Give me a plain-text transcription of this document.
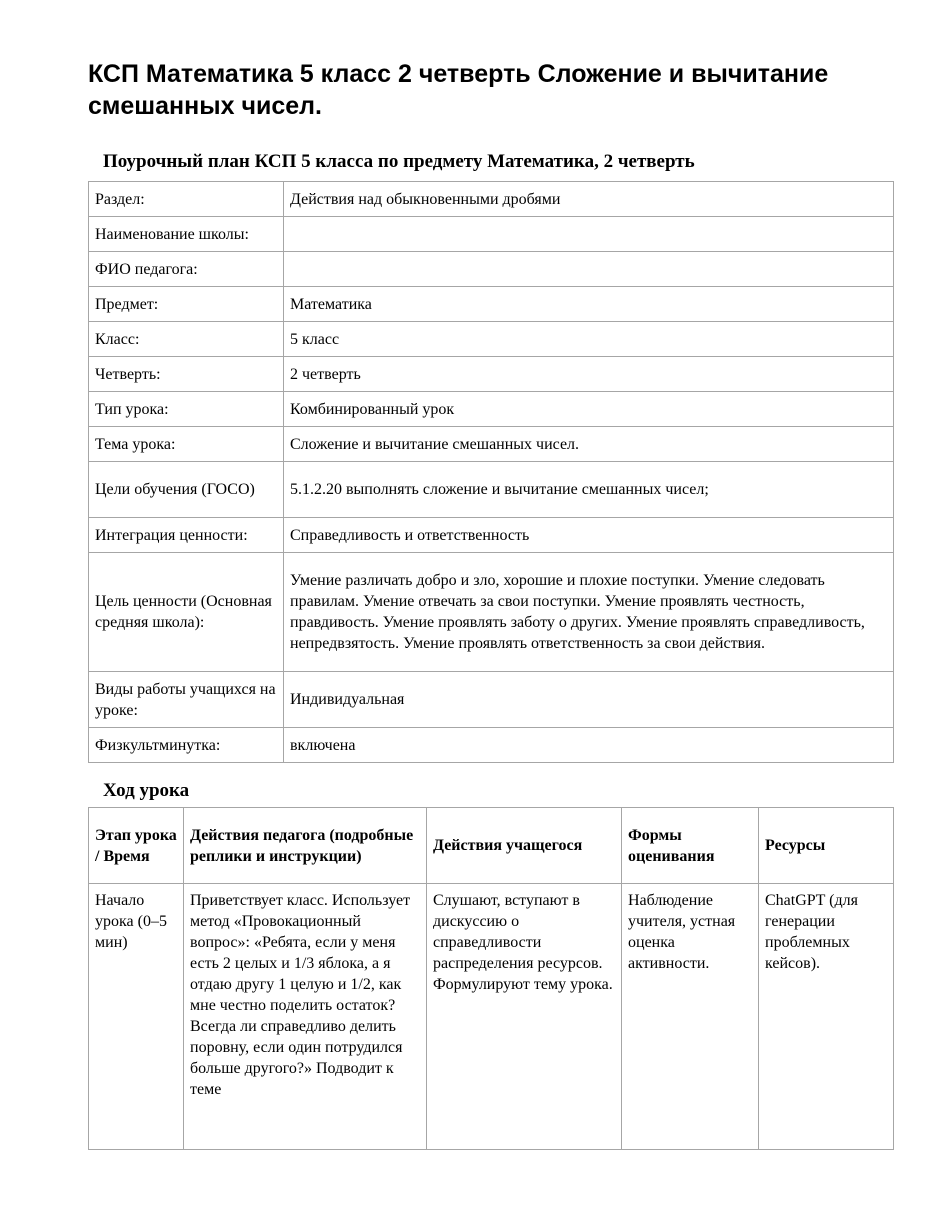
КСП Математика 5 класс 2 четверть Сложение и вычитание смешанных чисел.
Поурочный план КСП 5 класса по предмету Математика, 2 четверть
Раздел:	Действия над обыкновенными дробями
Наименование школы:	
ФИО педагога:	
Предмет:	Математика
Класс:	5 класс
Четверть:	2 четверть
Тип урока:	Комбинированный урок
Тема урока:	Сложение и вычитание смешанных чисел.
Цели обучения (ГОСО)	5.1.2.20 выполнять сложение и вычитание смешанных чисел;
Интеграция ценности:	Справедливость и ответственность
Цель ценности (Основная средняя школа):	Умение различать добро и зло, хорошие и плохие поступки. Умение следовать правилам. Умение отвечать за свои поступки. Умение проявлять честность, правдивость. Умение проявлять заботу о других. Умение проявлять справедливость, непредвзятость. Умение проявлять ответственность за свои действия.
Виды работы учащихся на уроке:	Индивидуальная
Физкультминутка:	включена
Ход урока
Этап урока / Время	Действия педагога (подробные реплики и инструкции)	Действия учащегося	Формы оценивания	Ресурсы
Начало урока (0–5 мин)	Приветствует класс. Использует метод «Провокационный вопрос»: «Ребята, если у меня есть 2 целых и 1/3 яблока, а я отдаю другу 1 целую и 1/2, как мне честно поделить остаток? Всегда ли справедливо делить поровну, если один потрудился больше другого?» Подводит к теме	Слушают, вступают в дискуссию о справедливости распределения ресурсов. Формулируют тему урока.	Наблюдение учителя, устная оценка активности.	ChatGPT (для генерации проблемных кейсов).
